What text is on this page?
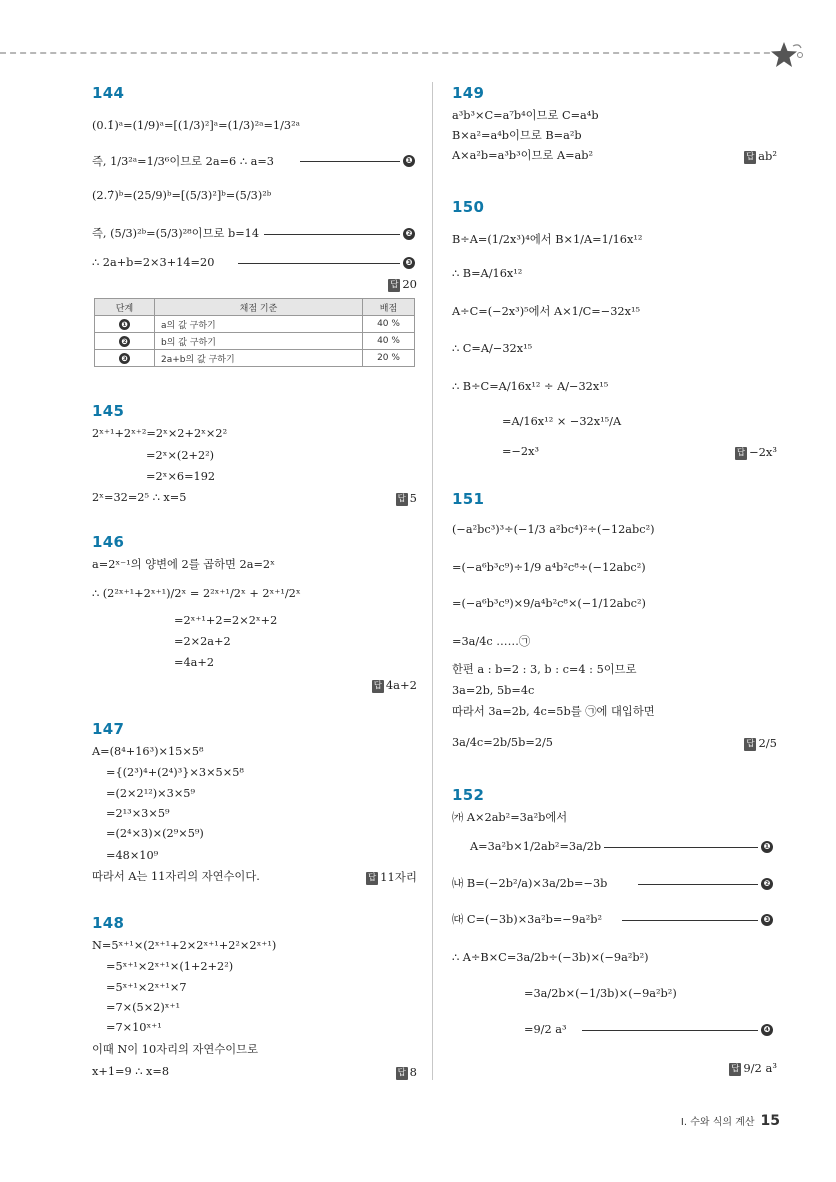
144
(0.1̇)ᵃ=(1/9)ᵃ=[(1/3)²]ᵃ=(1/3)²ᵃ=1/3²ᵃ
즉, 1/3²ᵃ=1/3⁶이므로 2a=6 ∴ a=3	❶
(2.7̇)ᵇ=(25/9)ᵇ=[(5/3)²]ᵇ=(5/3)²ᵇ
즉, (5/3)²ᵇ=(5/3)²⁸이므로 b=14	❷
∴ 2a+b=2×3+14=20	❸
답 20
단계	채점 기준	배점
❶	a의 값 구하기	40 %
❷	b의 값 구하기	40 %
❸	2a+b의 값 구하기	20 %
145
2ˣ⁺¹+2ˣ⁺²=2ˣ×2+2ˣ×2²
=2ˣ×(2+2²)
=2ˣ×6=192
2ˣ=32=2⁵ ∴ x=5	답 5
146
a=2ˣ⁻¹의 양변에 2를 곱하면 2a=2ˣ
∴ (2²ˣ⁺¹+2ˣ⁺¹)/2ˣ = 2²ˣ⁺¹/2ˣ + 2ˣ⁺¹/2ˣ
=2ˣ⁺¹+2=2×2ˣ+2
=2×2a+2
=4a+2
답 4a+2
147
A=(8⁴+16³)×15×5⁸
={(2³)⁴+(2⁴)³}×3×5×5⁸
=(2×2¹²)×3×5⁹
=2¹³×3×5⁹
=(2⁴×3)×(2⁹×5⁹)
=48×10⁹
따라서 A는 11자리의 자연수이다.	답 11자리
148
N=5ˣ⁺¹×(2ˣ⁺¹+2×2ˣ⁺¹+2²×2ˣ⁺¹)
=5ˣ⁺¹×2ˣ⁺¹×(1+2+2²)
=5ˣ⁺¹×2ˣ⁺¹×7
=7×(5×2)ˣ⁺¹
=7×10ˣ⁺¹
이때 N이 10자리의 자연수이므로
x+1=9 ∴ x=8	답 8
149
a³b³×C=a⁷b⁴이므로 C=a⁴b
B×a²=a⁴b이므로 B=a²b
A×a²b=a³b³이므로 A=ab²	답 ab²
150
B÷A=(1/2x³)⁴에서 B×1/A=1/16x¹²
∴ B=A/16x¹²
A÷C=(−2x³)⁵에서 A×1/C=−32x¹⁵
∴ C=A/−32x¹⁵
∴ B÷C=A/16x¹² ÷ A/−32x¹⁵
=A/16x¹² × −32x¹⁵/A
=−2x³	답 −2x³
151
(−a²bc³)³÷(−1/3 a²bc⁴)²÷(−12abc²)
=(−a⁶b³c⁹)÷1/9 a⁴b²c⁸÷(−12abc²)
=(−a⁶b³c⁹)×9/a⁴b²c⁸×(−1/12abc²)
=3a/4c ……㉠
한편 a : b=2 : 3, b : c=4 : 5이므로
3a=2b, 5b=4c
따라서 3a=2b, 4c=5b를 ㉠에 대입하면
3a/4c=2b/5b=2/5	답 2/5
152
㈎ A×2ab²=3a²b에서
A=3a²b×1/2ab²=3a/2b	❶
㈏ B=(−2b²/a)×3a/2b=−3b	❷
㈐ C=(−3b)×3a²b=−9a²b²	❸
∴ A÷B×C=3a/2b÷(−3b)×(−9a²b²)
=3a/2b×(−1/3b)×(−9a²b²)
=9/2 a³	❹
답 9/2 a³
Ⅰ. 수와 식의 계산 15
